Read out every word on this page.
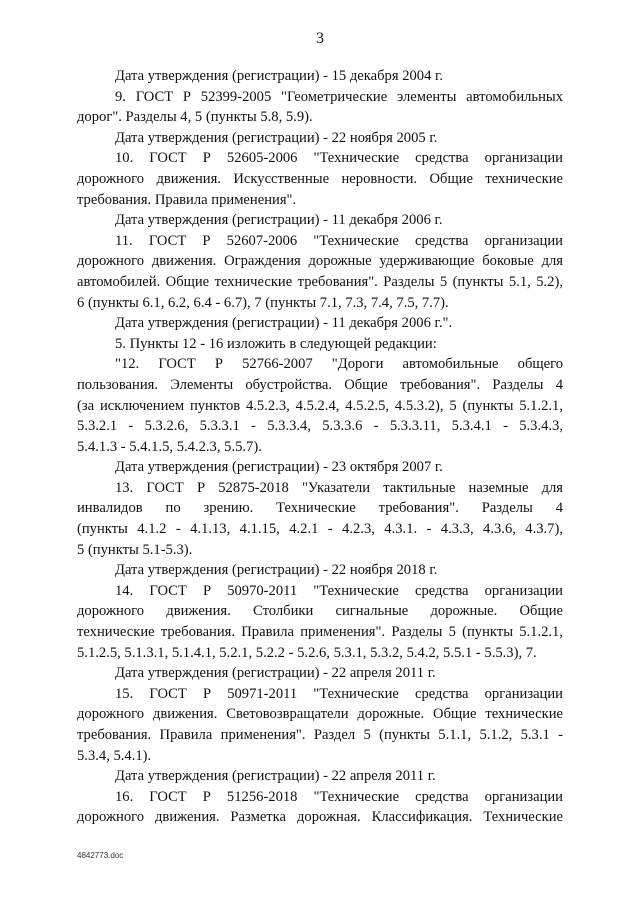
3
Дата утверждения (регистрации) - 15 декабря 2004 г.
9. ГОСТ Р 52399-2005 "Геометрические элементы автомобильных
дорог". Разделы 4, 5 (пункты 5.8, 5.9).
Дата утверждения (регистрации) - 22 ноября 2005 г.
10. ГОСТ Р 52605-2006 "Технические средства организации
дорожного движения. Искусственные неровности. Общие технические
требования. Правила применения".
Дата утверждения (регистрации) - 11 декабря 2006 г.
11. ГОСТ Р 52607-2006 "Технические средства организации
дорожного движения. Ограждения дорожные удерживающие боковые для
автомобилей. Общие технические требования". Разделы 5 (пункты 5.1, 5.2),
6 (пункты 6.1, 6.2, 6.4 - 6.7), 7 (пункты 7.1, 7.3, 7.4, 7.5, 7.7).
Дата утверждения (регистрации) - 11 декабря 2006 г.".
5. Пункты 12 - 16 изложить в следующей редакции:
"12. ГОСТ Р 52766-2007 "Дороги автомобильные общего
пользования. Элементы обустройства. Общие требования". Разделы 4
(за исключением пунктов 4.5.2.3, 4.5.2.4, 4.5.2.5, 4.5.3.2), 5 (пункты 5.1.2.1,
5.3.2.1 - 5.3.2.6, 5.3.3.1 - 5.3.3.4, 5.3.3.6 - 5.3.3.11, 5.3.4.1 - 5.3.4.3,
5.4.1.3 - 5.4.1.5, 5.4.2.3, 5.5.7).
Дата утверждения (регистрации) - 23 октября 2007 г.
13. ГОСТ Р 52875-2018 "Указатели тактильные наземные для
инвалидов по зрению. Технические требования". Разделы 4
(пункты 4.1.2 - 4.1.13, 4.1.15, 4.2.1 - 4.2.3, 4.3.1. - 4.3.3, 4.3.6, 4.3.7),
5 (пункты 5.1-5.3).
Дата утверждения (регистрации) - 22 ноября 2018 г.
14. ГОСТ Р 50970-2011 "Технические средства организации
дорожного движения. Столбики сигнальные дорожные. Общие
технические требования. Правила применения". Разделы 5 (пункты 5.1.2.1,
5.1.2.5, 5.1.3.1, 5.1.4.1, 5.2.1, 5.2.2 - 5.2.6, 5.3.1, 5.3.2, 5.4.2, 5.5.1 - 5.5.3), 7.
Дата утверждения (регистрации) - 22 апреля 2011 г.
15. ГОСТ Р 50971-2011 "Технические средства организации
дорожного движения. Световозвращатели дорожные. Общие технические
требования. Правила применения". Раздел 5 (пункты 5.1.1, 5.1.2, 5.3.1 -
5.3.4, 5.4.1).
Дата утверждения (регистрации) - 22 апреля 2011 г.
16. ГОСТ Р 51256-2018 "Технические средства организации
дорожного движения. Разметка дорожная. Классификация. Технические
4842773.doc
